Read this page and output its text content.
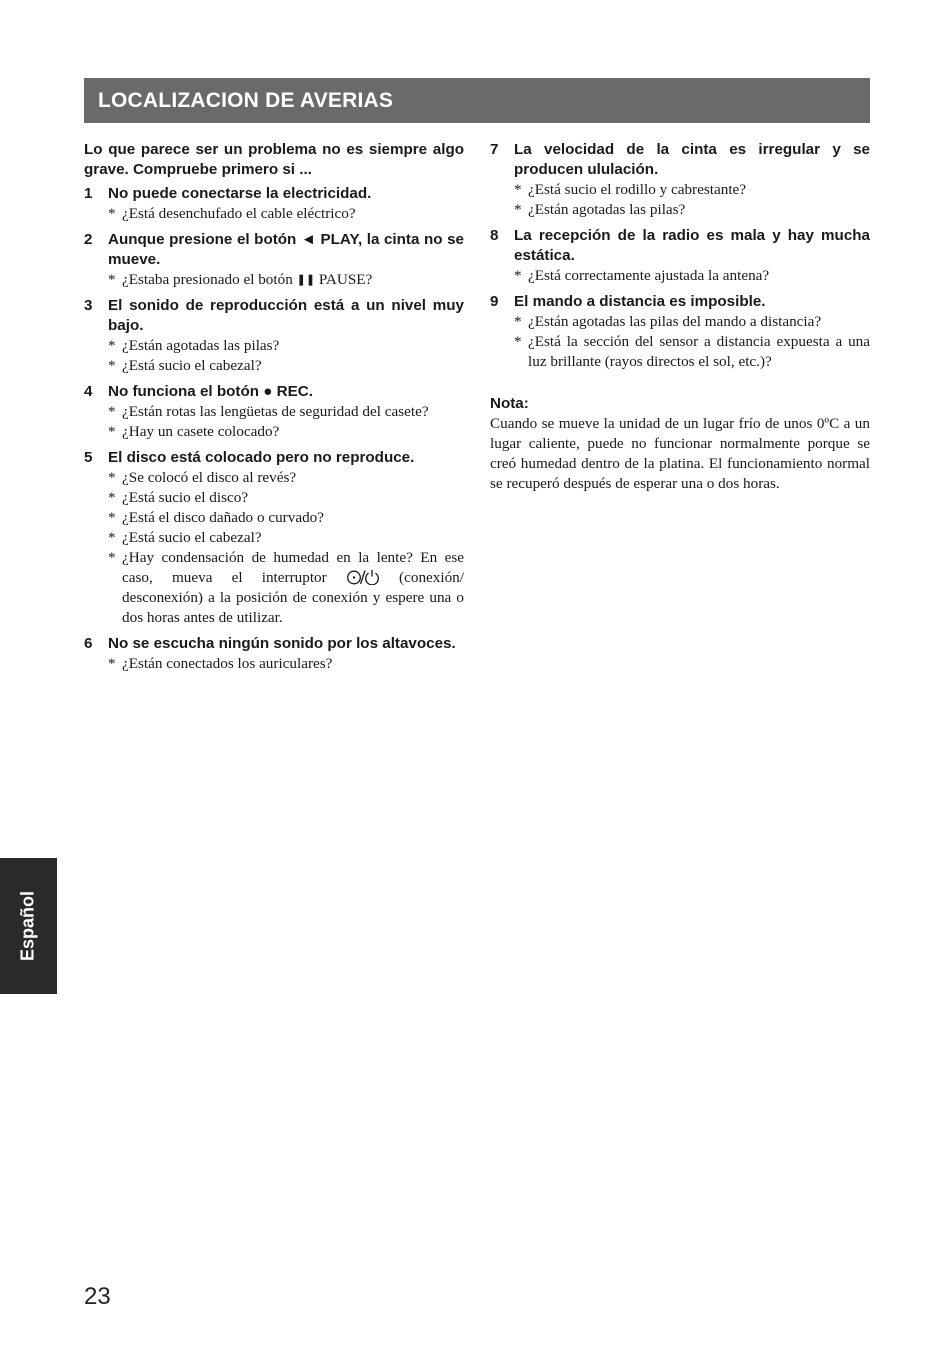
LOCALIZACION DE AVERIAS

Lo que parece ser un problema no es siempre algo grave. Compruebe primero si ...

1	No puede conectarse la electricidad.
* ¿Está desenchufado el cable eléctrico?
2	Aunque presione el botón ◄ PLAY, la cinta no se mueve.
* ¿Estaba presionado el botón ❚❚ PAUSE?
3	El sonido de reproducción está a un nivel muy bajo.
* ¿Están agotadas las pilas?
* ¿Está sucio el cabezal?
4	No funciona el botón ● REC.
* ¿Están rotas las lengüetas de seguridad del casete?
* ¿Hay un casete colocado?
5	El disco está colocado pero no reproduce.
* ¿Se colocó el disco al revés?
* ¿Está sucio el disco?
* ¿Está el disco dañado o curvado?
* ¿Está sucio el cabezal?
* ¿Hay condensación de humedad en la lente? En ese caso, mueva el interruptor	(conexión/ desconexión) a la posición de conexión y espere una o dos horas antes de utilizar.
6	No se escucha ningún sonido por los altavoces.
* ¿Están conectados los auriculares?
7	La velocidad de la cinta es irregular y se producen ululación.
* ¿Está sucio el rodillo y cabrestante?
* ¿Están agotadas las pilas?
8	La recepción de la radio es mala y hay mucha estática.
* ¿Está correctamente ajustada la antena?
9	El mando a distancia es imposible.
* ¿Están agotadas las pilas del mando a distancia?
* ¿Está la sección del sensor a distancia expuesta a una luz brillante (rayos directos el sol, etc.)?

Nota:

Cuando se mueve la unidad de un lugar frío de unos 0ºC a un lugar caliente, puede no funcionar normalmente porque se creó humedad dentro de la platina. El funcionamiento normal se recuperó después de esperar una o dos horas.

Español
23
